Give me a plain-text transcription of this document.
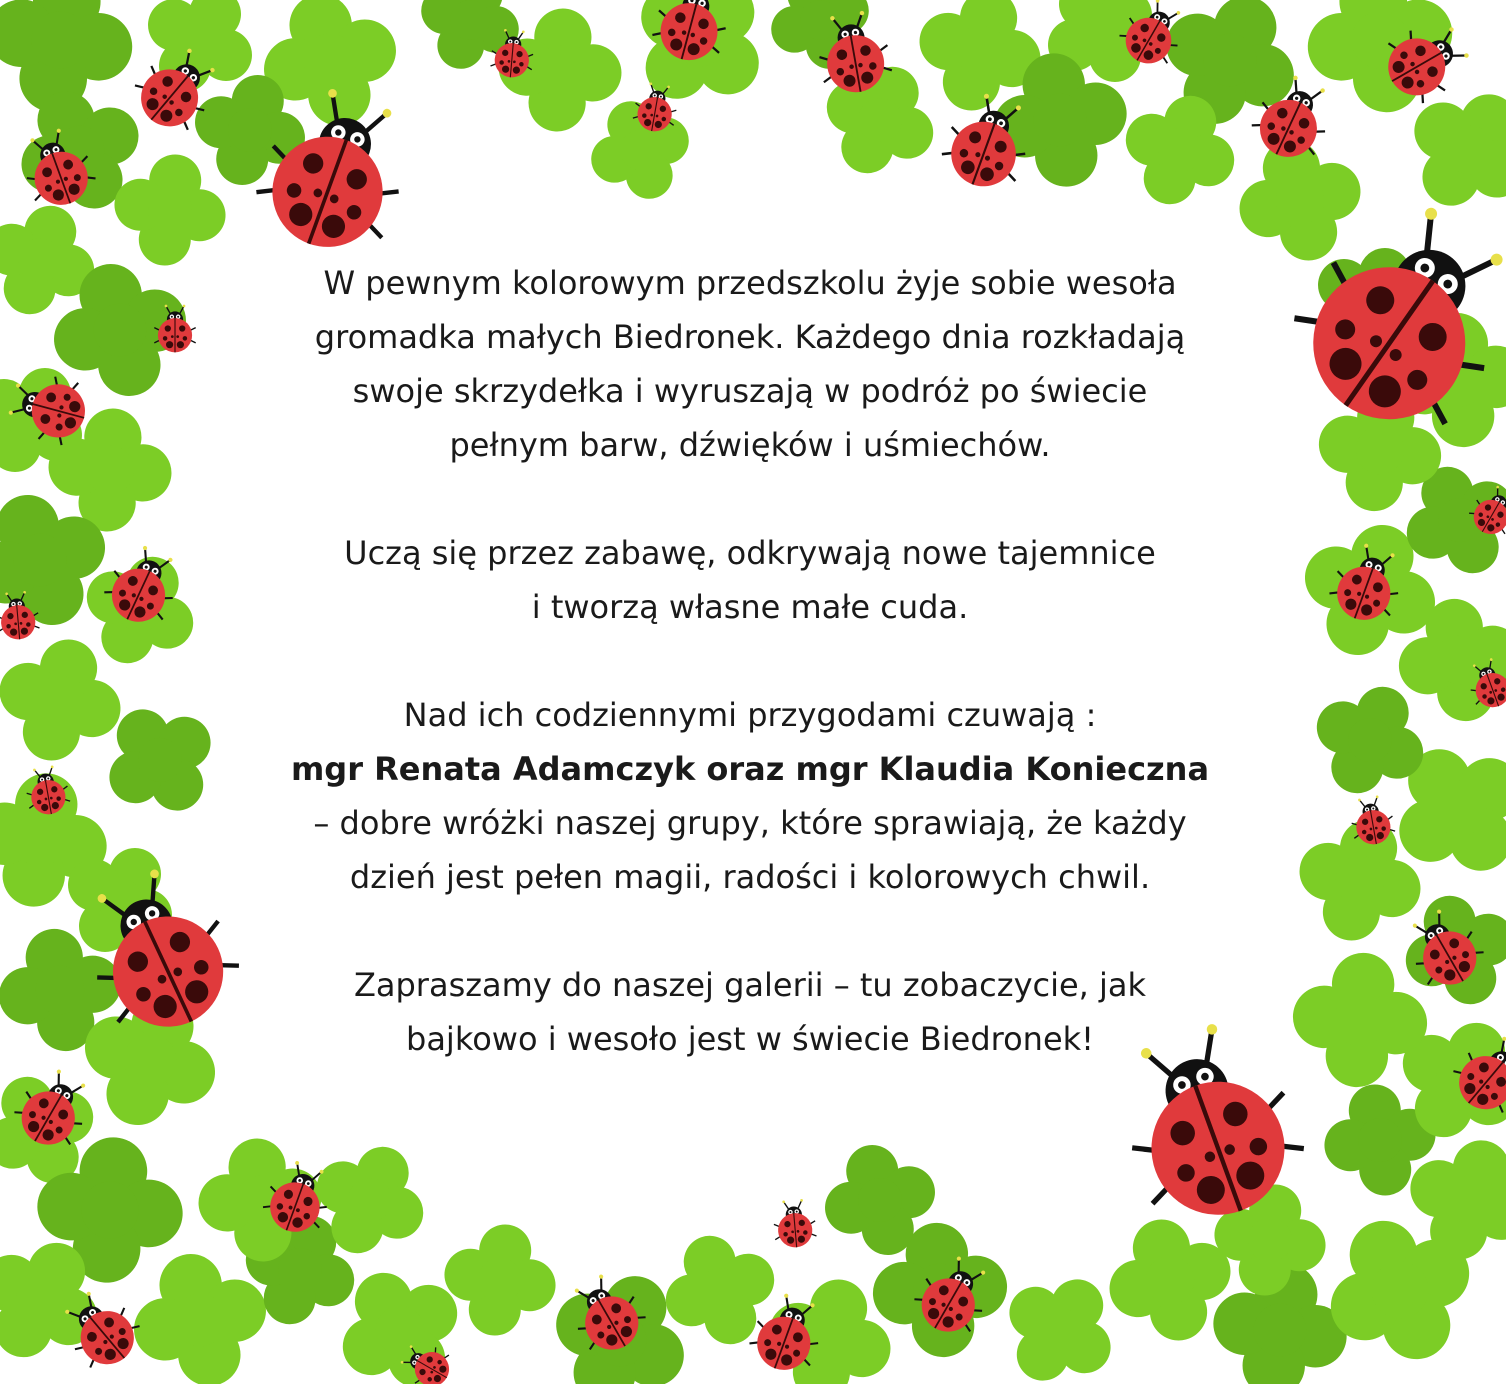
W pewnym kolorowym przedszkolu żyje sobie wesoła
gromadka małych Biedronek. Każdego dnia rozkładają
swoje skrzydełka i wyruszają w podróż po świecie
pełnym barw, dźwięków i uśmiechów.

Uczą się przez zabawę, odkrywają nowe tajemnice
i tworzą własne małe cuda.

Nad ich codziennymi przygodami czuwają :
mgr Renata Adamczyk oraz mgr Klaudia Konieczna
– dobre wróżki naszej grupy, które sprawiają, że każdy
dzień jest pełen magii, radości i kolorowych chwil.

Zapraszamy do naszej galerii – tu zobaczycie, jak
bajkowo i wesoło jest w świecie Biedronek!
